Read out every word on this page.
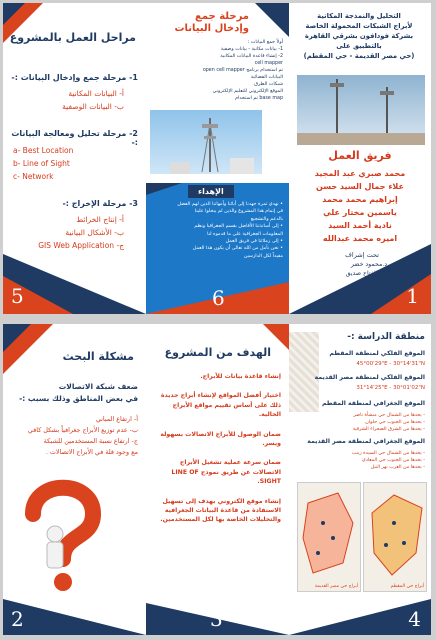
مراحل العمل بالمشروع
1- مرحلة جمع وإدخال البيانات :-
أ- البيانات المكانية
ب- البيانات الوصفية
2- مرحلة تحليل ومعالجة البيانات :-
a- Best Location
b- Line of Sight
c- Network
3- مرحلة الإخراج :-
أ- إنتاج الخرائط
ب- الأشكال البيانية
ج- GIS Web Application
5
مرحلة جمع
وإدخال البيانات
أولاً جمع البيانات :
1- بيانات مكانية - بيانات وصفية
2- إنشاء قاعدة البيانات المكانية
cell mapper
تم استخدام برنامج open cell mapper
البيانات الفضائية
شبكات الطرق
الموقع الإلكتروني للتعليم الإلكتروني
base map تم استخدام
الإهداء
• نهدي ثمرة جهدنا إلى أبائنا وأمهاتنا الذين لهم الفضل
في إتمام هذا المشروع والذين لم يبخلوا علينا
بالدعم والتشجيع
• إلى أساتذتنا الأفاضل بقسم الجغرافيا ونظم
المعلومات الجغرافية على ما قدموه لنا
• إلى زملائنا في فريق العمل
• نحن نأمل من الله تعالى أن يكون هذا العمل
مفيداً لكل الدارسين
6
التحليل والنمذجة المكانية
لأبراج الشبكات المحمولة الخاصة
بشركة فودافون بشرقي القاهرة
بالتطبيق على
(حي مصر القديمة - حي المقطم)
فريق العمل
محمد صبري عبد المجيد
علاء جمال السيد حسن
إبراهيم محمد محمد
ياسمين مختار علي
نادية أحمد السيد
اميره محمد عبدالله
تحت إشراف
د.محمود خضر
د.عبدالفتاح صديق
1
مشكلة البحث
ضعف شبكة الاتصالات
في بعض المناطق وذلك بسبب :-
أ- ارتفاع المباني
ب- عدم توزيع الأبراج جغرافياً بشكل كافي
ج- ارتفاع نسبة المستخدمين للشبكة
مع وجود قلة في الأبراج الاتصالات .
2
الهدف من المشروع
إنشاء قاعدة بيانات للأبراج.
اختيار أفضل المواقع لإنشاء أبراج جديدة ذلك على أساس تقييم مواقع الأبراج الحالية.
ضمان الوصول للأبراج الاتصالات بسهولة ويسر.
ضمان سرعة عملية تشغيل الأبراج الاتصالات عن طريق نموذج LINE OF SIGHT.
إنشاء موقع الكتروني بهدف إلى تسهيل الاستفادة من قاعدة البيانات الجغرافية والتحليلات الخاصة بها لكل المستخدمين.
3
منطقة الدراسة :-
الموقع الفلكي لمنطقة المقطم
45°00'29"E - 30°14'31"N
الموقع الفلكي لمنطقة مصر القديمة
31°14'25"E - 30°01'02"N
الموقع الجغرافي لمنطقة المقطم
- يحدها من الشمال حي منشأة ناصر
- يحدها من الجنوب حي حلوان
- يحدها من الشرق الصحراء الشرقية
الموقع الجغرافي لمنطقة مصر القديمة
- يحدها من الشمال حي السيدة زينب
- يحدها من الجنوب حي المعادي
- يحدها من الغرب نهر النيل
أبراج حي مصر القديمة	أبراج حي المقطم
4
